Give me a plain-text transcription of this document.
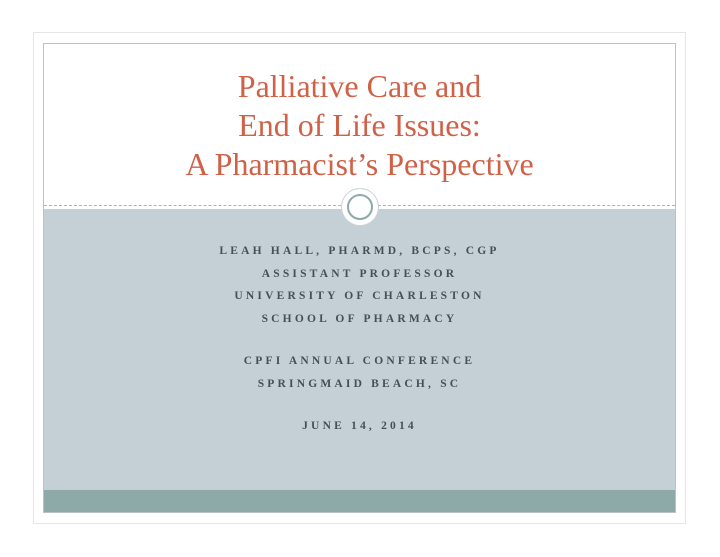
Palliative Care and
End of Life Issues:
A Pharmacist’s Perspective
LEAH HALL, PHARMD, BCPS, CGP
ASSISTANT PROFESSOR
UNIVERSITY OF CHARLESTON
SCHOOL OF PHARMACY
CPFI ANNUAL CONFERENCE
SPRINGMAID BEACH, SC
JUNE 14, 2014
